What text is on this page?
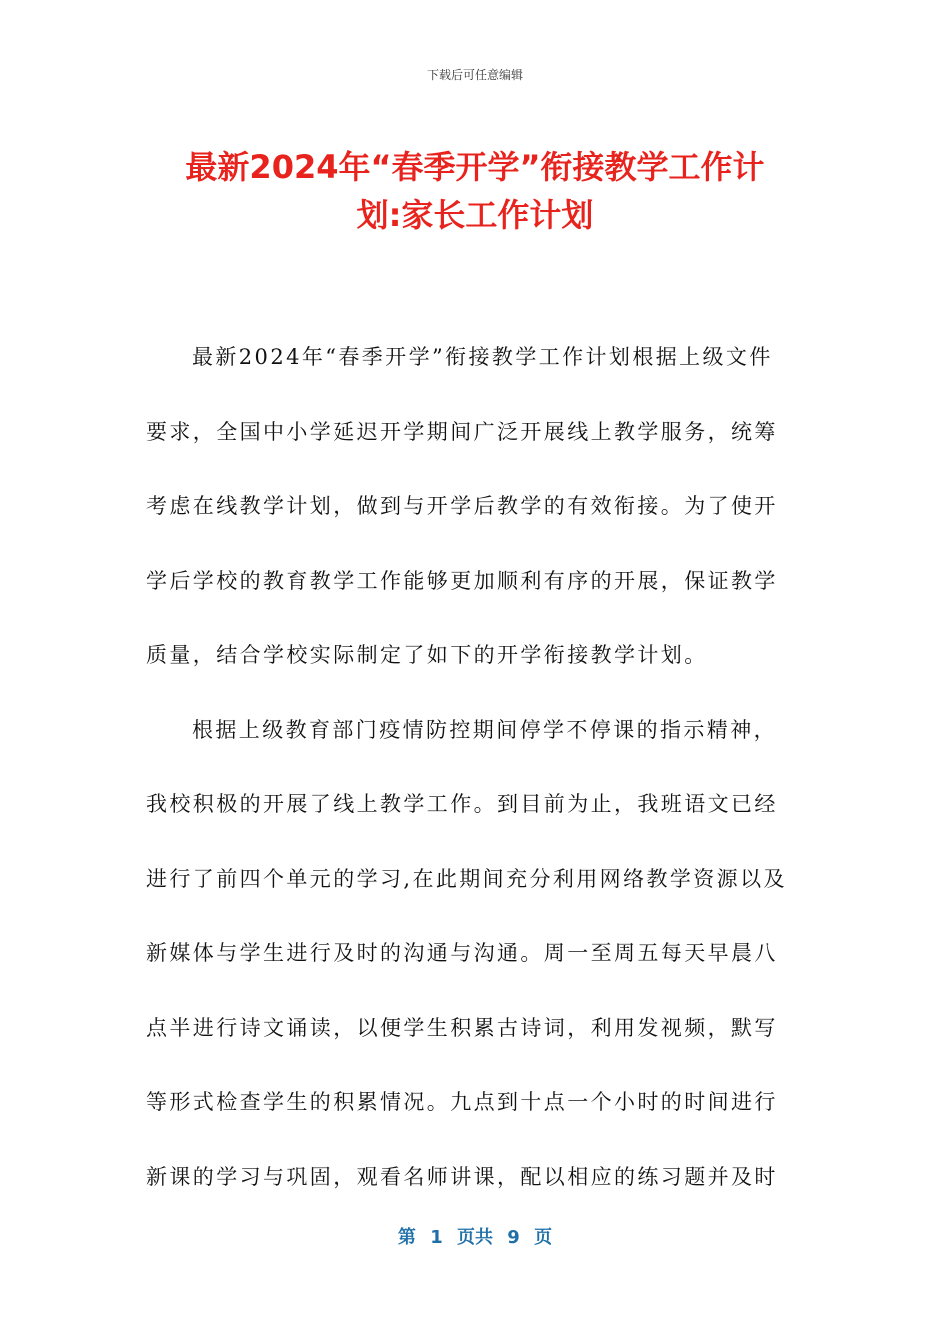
下载后可任意编辑
最新2024年“春季开学”衔接教学工作计
划:家长工作计划

最新2024年“春季开学”衔接教学工作计划根据上级文件
要求，全国中小学延迟开学期间广泛开展线上教学服务，统筹
考虑在线教学计划，做到与开学后教学的有效衔接。为了使开
学后学校的教育教学工作能够更加顺利有序的开展，保证教学
质量，结合学校实际制定了如下的开学衔接教学计划。

根据上级教育部门疫情防控期间停学不停课的指示精神，
我校积极的开展了线上教学工作。到目前为止，我班语文已经
进行了前四个单元的学习,在此期间充分利用网络教学资源以及
新媒体与学生进行及时的沟通与沟通。周一至周五每天早晨八
点半进行诗文诵读，以便学生积累古诗词，利用发视频，默写
等形式检查学生的积累情况。九点到十点一个小时的时间进行
新课的学习与巩固，观看名师讲课，配以相应的练习题并及时

第 1 页共 9 页
